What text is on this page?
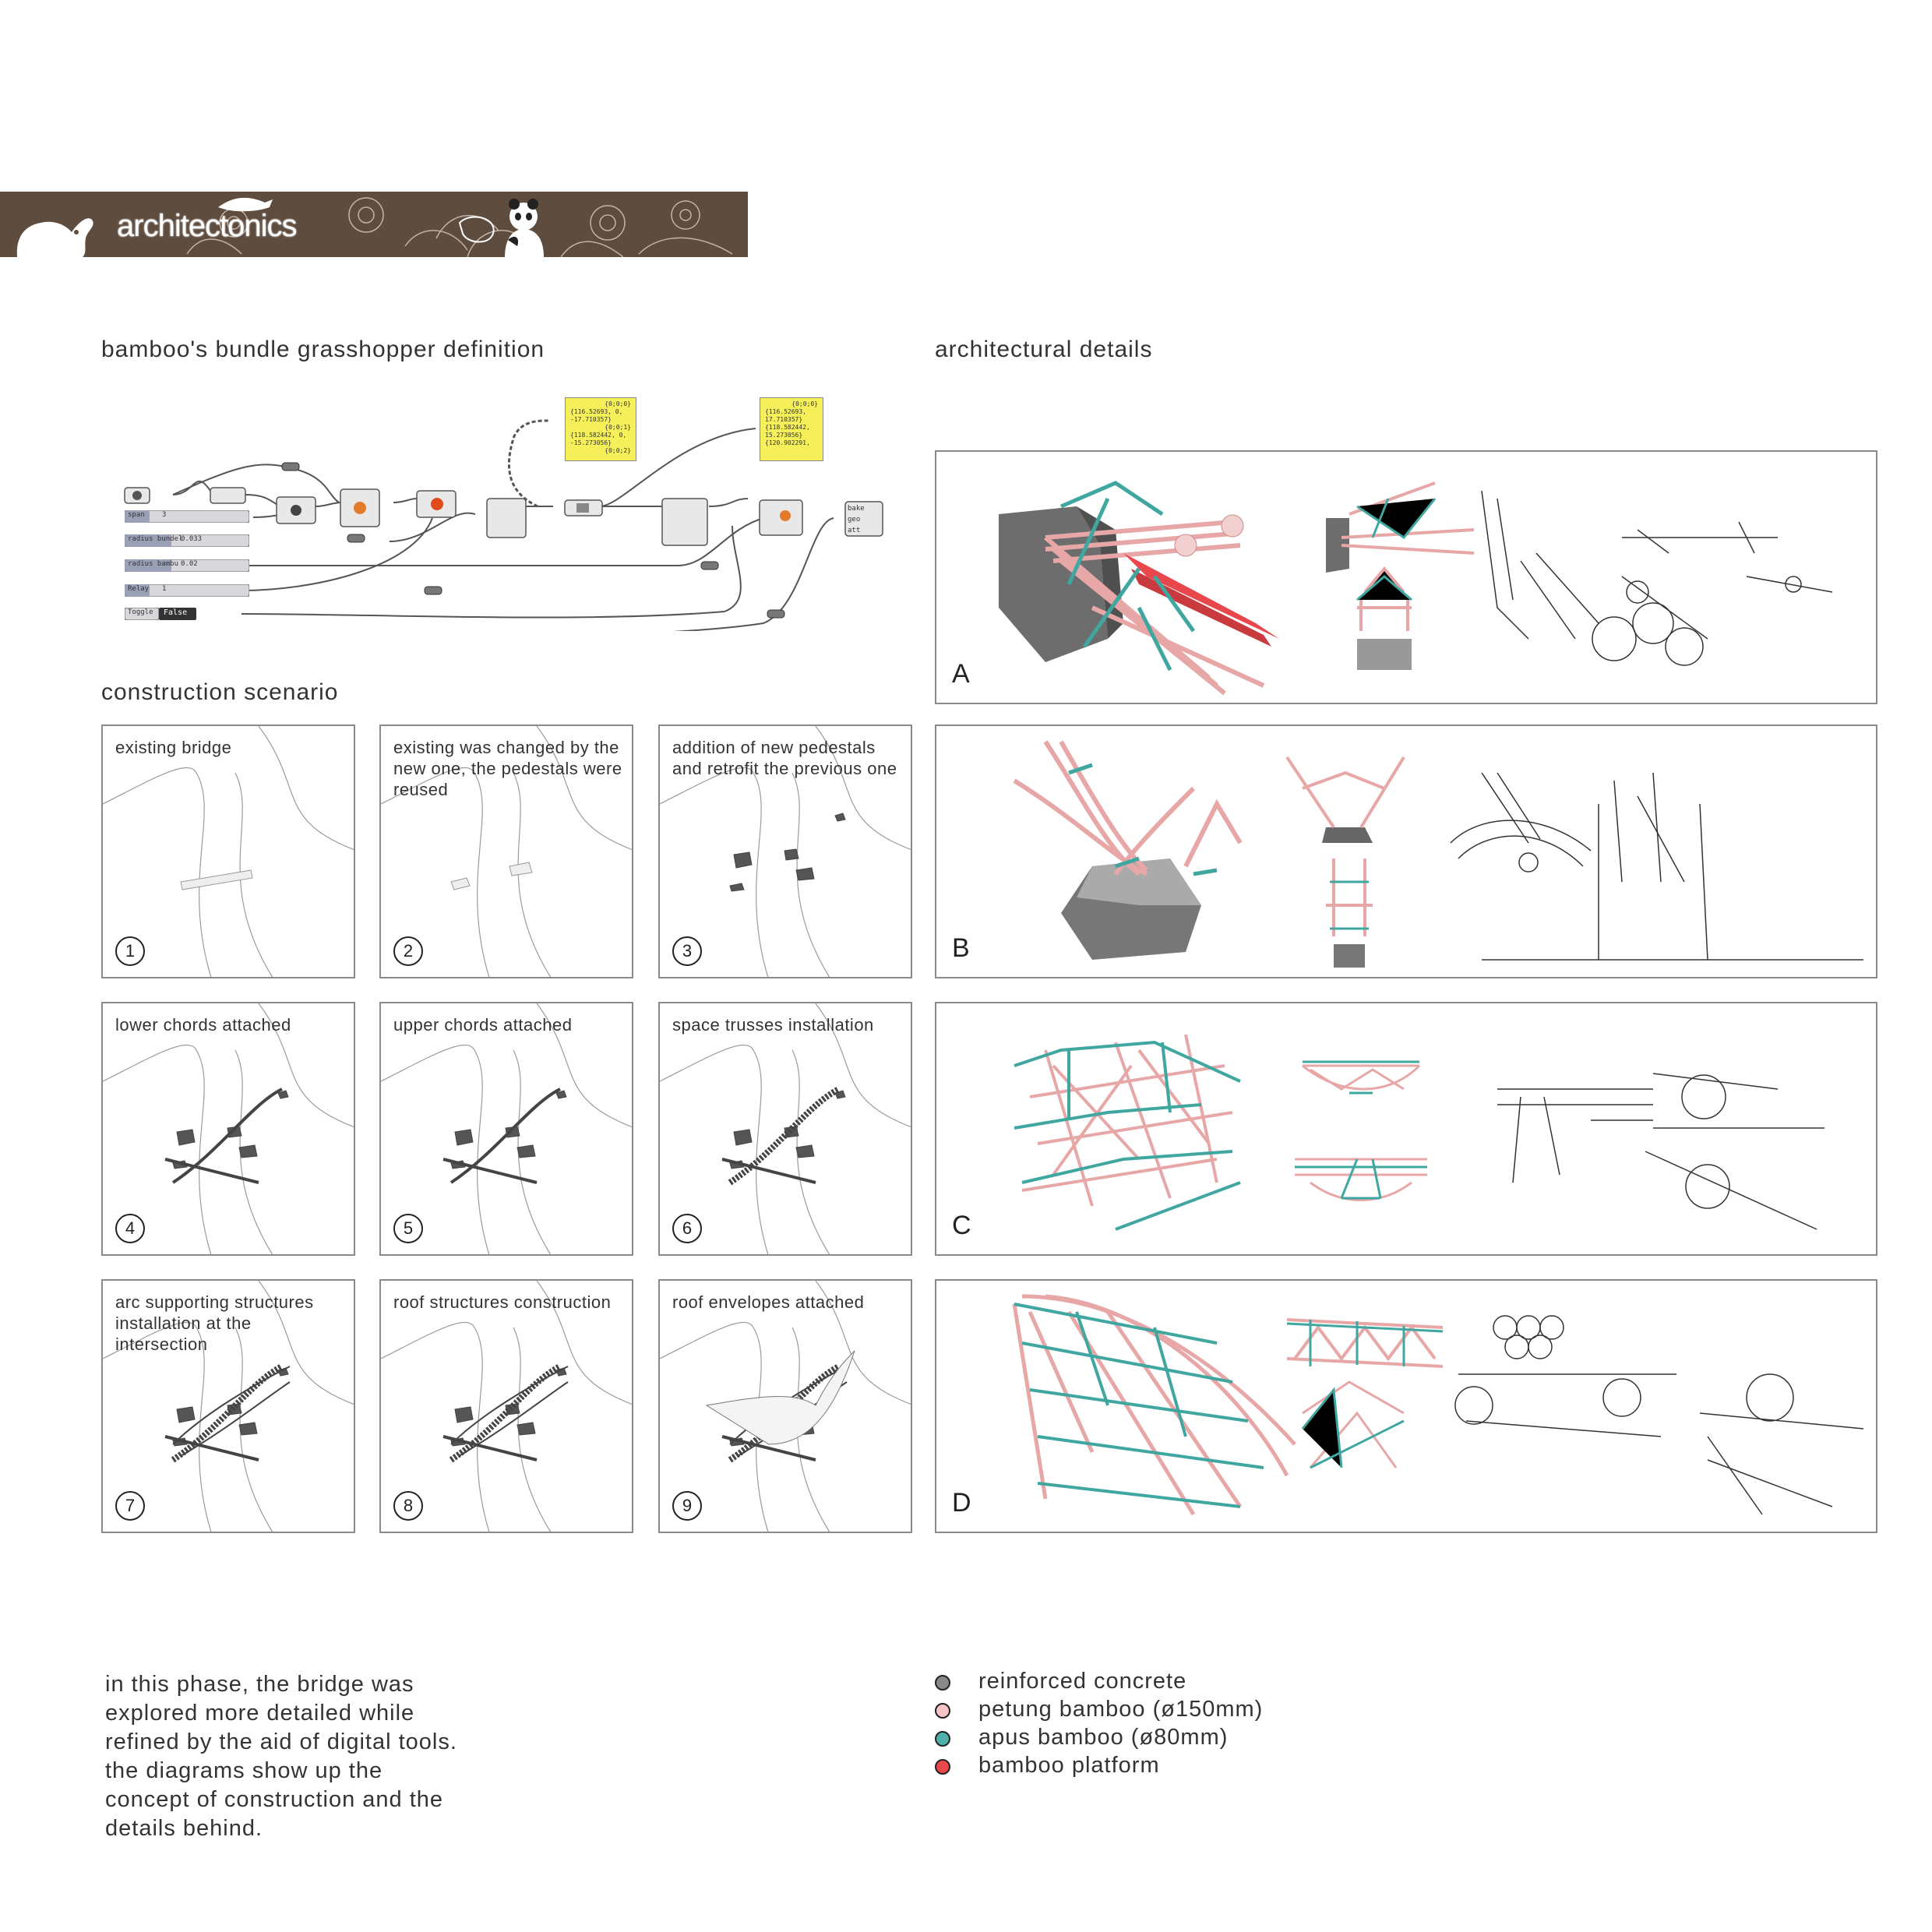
architectonics
bamboo's bundle grasshopper definition	architectural details
construction scenario
span 3
radius bundel
0.033
radius bambu 0.02
Relay 1
Toggle False
bake
geo
att
{0;0;0}
{116.52693, 0, -17.710357}
{0;0;1}
{118.582442, 0, -15.273056}
{0;0;2}
{0;0;0}
{116.52693,
17.710357}
{118.582442,
15.273056}
{120.902291,
existing bridge
1
existing was changed by the new one, the pedestals were reused
2
addition of new pedestals and retrofit the previous one
3
lower chords attached
4
upper chords attached
5
space trusses installation
6
arc supporting structures installation at the intersection
7
roof structures construction
8
roof envelopes attached
9
A
B
C
D
in this phase, the bridge was
explored more detailed while
refined by the aid of digital tools.
the diagrams show up the
concept of construction and the
details behind.
reinforced concrete
petung bamboo (ø150mm)
apus bamboo (ø80mm)
bamboo platform
